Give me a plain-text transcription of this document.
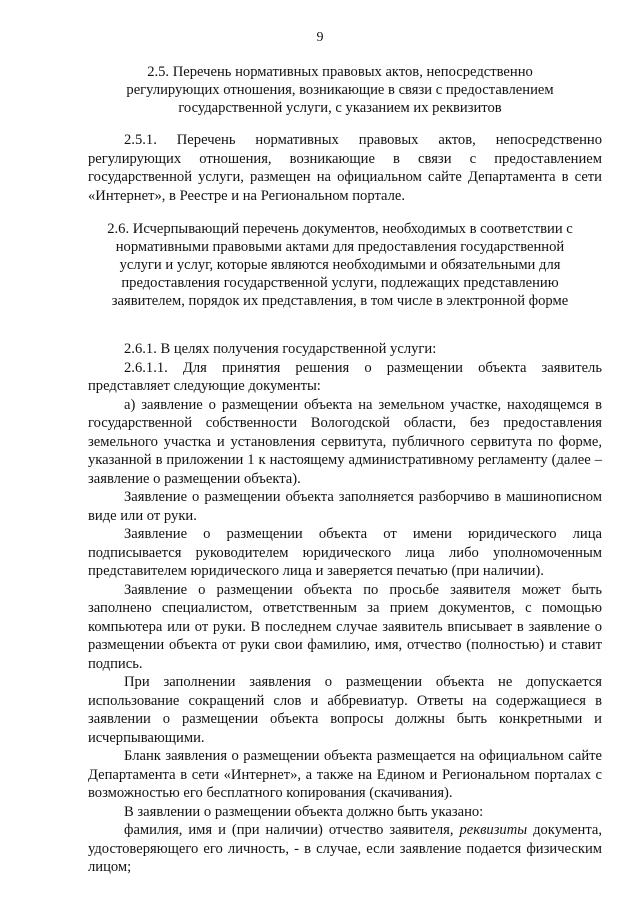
9
2.5. Перечень нормативных правовых актов, непосредственно регулирующих отношения, возникающие в связи с предоставлением государственной услуги, с указанием их реквизитов

2.5.1. Перечень нормативных правовых актов, непосредственно регулирующих отношения, возникающие в связи с предоставлением государственной услуги, размещен на официальном сайте Департамента в сети «Интернет», в Реестре и на Региональном портале.

2.6. Исчерпывающий перечень документов, необходимых в соответствии с нормативными правовыми актами для предоставления государственной услуги и услуг, которые являются необходимыми и обязательными для предоставления государственной услуги, подлежащих представлению заявителем, порядок их представления, в том числе в электронной форме

2.6.1. В целях получения государственной услуги:

2.6.1.1. Для принятия решения о размещении объекта заявитель представляет следующие документы:

а) заявление о размещении объекта на земельном участке, находящемся в государственной собственности Вологодской области, без предоставления земельного участка и установления сервитута, публичного сервитута по форме, указанной в приложении 1 к настоящему административному регламенту (далее – заявление о размещении объекта).

Заявление о размещении объекта заполняется разборчиво в машинописном виде или от руки.

Заявление о размещении объекта от имени юридического лица подписывается руководителем юридического лица либо уполномоченным представителем юридического лица и заверяется печатью (при наличии).

Заявление о размещении объекта по просьбе заявителя может быть заполнено специалистом, ответственным за прием документов, с помощью компьютера или от руки. В последнем случае заявитель вписывает в заявление о размещении объекта от руки свои фамилию, имя, отчество (полностью) и ставит подпись.

При заполнении заявления о размещении объекта не допускается использование сокращений слов и аббревиатур. Ответы на содержащиеся в заявлении о размещении объекта вопросы должны быть конкретными и исчерпывающими.

Бланк заявления о размещении объекта размещается на официальном сайте Департамента в сети «Интернет», а также на Едином и Региональном порталах с возможностью его бесплатного копирования (скачивания).

В заявлении о размещении объекта должно быть указано:

фамилия, имя и (при наличии) отчество заявителя, реквизиты документа, удостоверяющего его личность, - в случае, если заявление подается физическим лицом;
